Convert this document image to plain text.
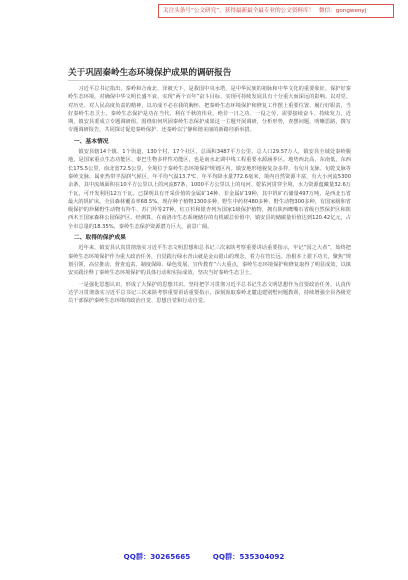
关注头条号“公文研究”，获得最新最全最专业的公文资料库！ 微信：gongwenyj
关于巩固秦岭生态环境保护成果的调研报告

习近平总书记指出，秦岭和合南北、泽被天下，是我国中央水塔，是中华民族的祖脉和中华文化的重要象征。保护好秦岭生态环境，对确保中华文明长盛不衰、实现“两个百年”奋斗目标、实现可持续发展具有十分重大而深远的影响。以对党、对历史、对人民高度负责的精神，以功成不必在我的胸怀，把秦岭生态环境保护和修复工作摆上重要位置，履行好职责，当好秦岭生态卫士，秦岭生态保护是功在当代、利在千秋的伟业，绝非一日之功、一役之劳，需要接续奋斗、持续发力。近期，镇安县委成立专题调研组，围绕如何巩固秦岭生态保护成果这一主题开展调研，分析形势，查摆问题，明晰思路，撰写专题调研报告，共同探讨促进秦岭保护、还秦岭以宁静和谐美丽的新路径新举措。

一、基本情况

镇安县辖14个镇、1个街道，130个村、17个社区，总面积3487平方公里，总人口29.57万人，镇安县全域处秦岭腹地，是国家重点生态功能区、秦巴生物多样性功能区，也是南水北调中线工程重要水源涵养区。地势西北高，东南低，东西长175.5公里，南北宽72.5公里，全境位于秦岭生态环境保护规划区内。镇安地形地貌复杂多样，有旬月支脉、旬乾支脉等秦岭支脉，属亚热带半湿润气候区，年平均气温13.7℃，年平均降水量772.6毫米，境内自然资源丰富，有大小河流5300余条，其中流域面积在10平方公里以上的河流87条，1000平方公里以上的旬河、乾佑河贯穿全境，水力资源蕴藏量32.6万千瓦，可开发利用12万千瓦。已探明具有开采价值的金属矿14种、非金属矿19种，其中钒矿石储量497万吨，是西北五省最大的钒矿床。全县森林覆盖率68.5%，现存种子植物1300多种、野生中药材480多种、野生动物300多种，有国家级和省级保护的珍稀野生动物有羚牛、苏门羚等27种。红豆杉和银杏列为国家1级保护植物，拥有陕西鹰嘴石省级自然保护区和陕西木王国家森林公园保护区。经测算，在商洛市生态系统储存的有机碳总价值中，镇安县的储碳量价值达到120.42亿元，占全市总量的18.35%，秦岭生态保护资源潜力巨大，前景广阔。

二、取得的保护成果

近年来，镇安县认真贯彻落实习近平生态文明思想和总书记三次来陕考察重要讲话重要指示，牢记“国之大者”，始终把秦岭生态环境保护作为重大政治任务，自觉践行绿水青山就是金山银山的理念，着力在管长远、治根本上狠下功夫，聚焦“规划引领、高位推动、督查追责、制度保障、绿色发展、宣传教育”六大重点，秦岭生态环境保护和修复取得了明显成效，以镇安实践诠释了秦岭生态环境保护的具体行动和实际成效，坚决当好秦岭生态卫士。

一是强化思想认识，形成了大保护的思想共识。坚持把学习贯彻习近平总书记生态文明思想作为首要政治任务，认真传达学习贯彻落实习近平总书记三次来陕考察重要讲话重要指示，深刻汲取秦岭北麓违建别墅问题教训，持续增强全县各级党员干部保护秦岭生态环境的政治自觉、思想自觉和行动自觉。

QQ群：30265665	QQ群：535304092
